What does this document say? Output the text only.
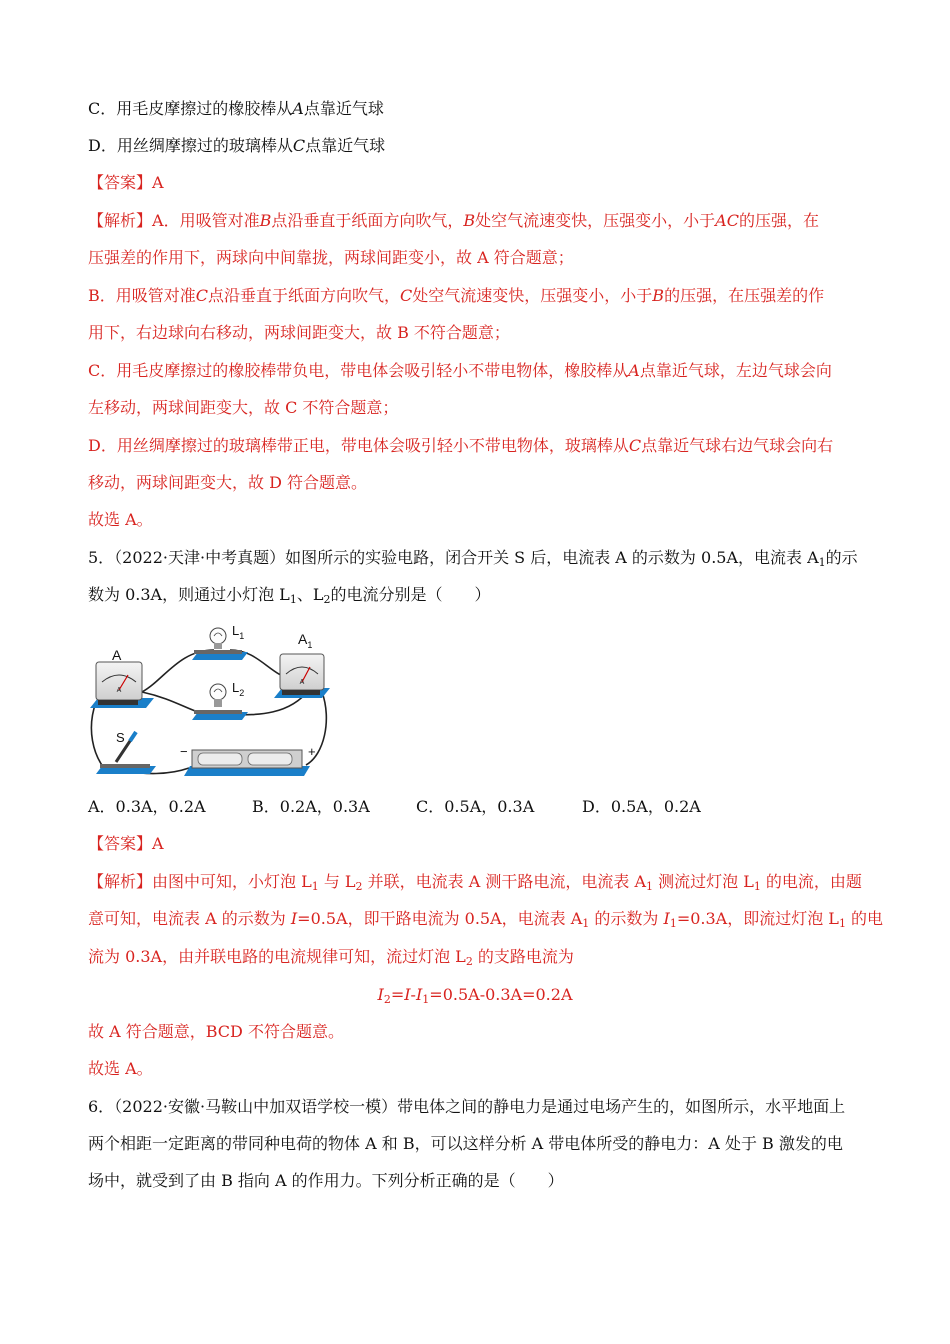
C．用毛皮摩擦过的橡胶棒从A点靠近气球
D．用丝绸摩擦过的玻璃棒从C点靠近气球
【答案】A
【解析】A．用吸管对准B点沿垂直于纸面方向吹气，B处空气流速变快，压强变小，小于AC的压强，在
压强差的作用下，两球向中间靠拢，两球间距变小，故 A 符合题意；
B．用吸管对准C点沿垂直于纸面方向吹气，C处空气流速变快，压强变小，小于B的压强，在压强差的作
用下，右边球向右移动，两球间距变大，故 B 不符合题意；
C．用毛皮摩擦过的橡胶棒带负电，带电体会吸引轻小不带电物体，橡胶棒从A点靠近气球，左边气球会向
左移动，两球间距变大，故 C 不符合题意；
D．用丝绸摩擦过的玻璃棒带正电，带电体会吸引轻小不带电物体，玻璃棒从C点靠近气球右边气球会向右
移动，两球间距变大，故 D 符合题意。
故选 A。
5．（2022·天津·中考真题）如图所示的实验电路，闭合开关 S 后，电流表 A 的示数为 0.5A，电流表 $A_1$的示
数为 0.3A，则通过小灯泡 $L_1$、$L_2$的电流分别是（　　）
A
A
$L_1$
$L_2$
A
$A_1$
S
−	+
A．0.3A，0.2A	B．0.2A，0.3A	C．0.5A，0.3A	D．0.5A，0.2A
【答案】A
【解析】由图中可知，小灯泡 $L_1$ 与 $L_2$ 并联，电流表 A 测干路电流，电流表 $A_1$ 测流过灯泡 $L_1$ 的电流，由题
意可知，电流表 A 的示数为 I=0.5A，即干路电流为 0.5A，电流表 $A_1$ 的示数为 $I_1=0.3A$，即流过灯泡 $L_1$ 的电
流为 0.3A，由并联电路的电流规律可知，流过灯泡 $L_2$ 的支路电流为
$I_2=I-I_1=0.5A-0.3A=0.2A$
故 A 符合题意，BCD 不符合题意。
故选 A。
6．（2022·安徽·马鞍山中加双语学校一模）带电体之间的静电力是通过电场产生的，如图所示，水平地面上
两个相距一定距离的带同种电荷的物体 A 和 B，可以这样分析 A 带电体所受的静电力：A 处于 B 激发的电
场中，就受到了由 B 指向 A 的作用力。下列分析正确的是（　　）
